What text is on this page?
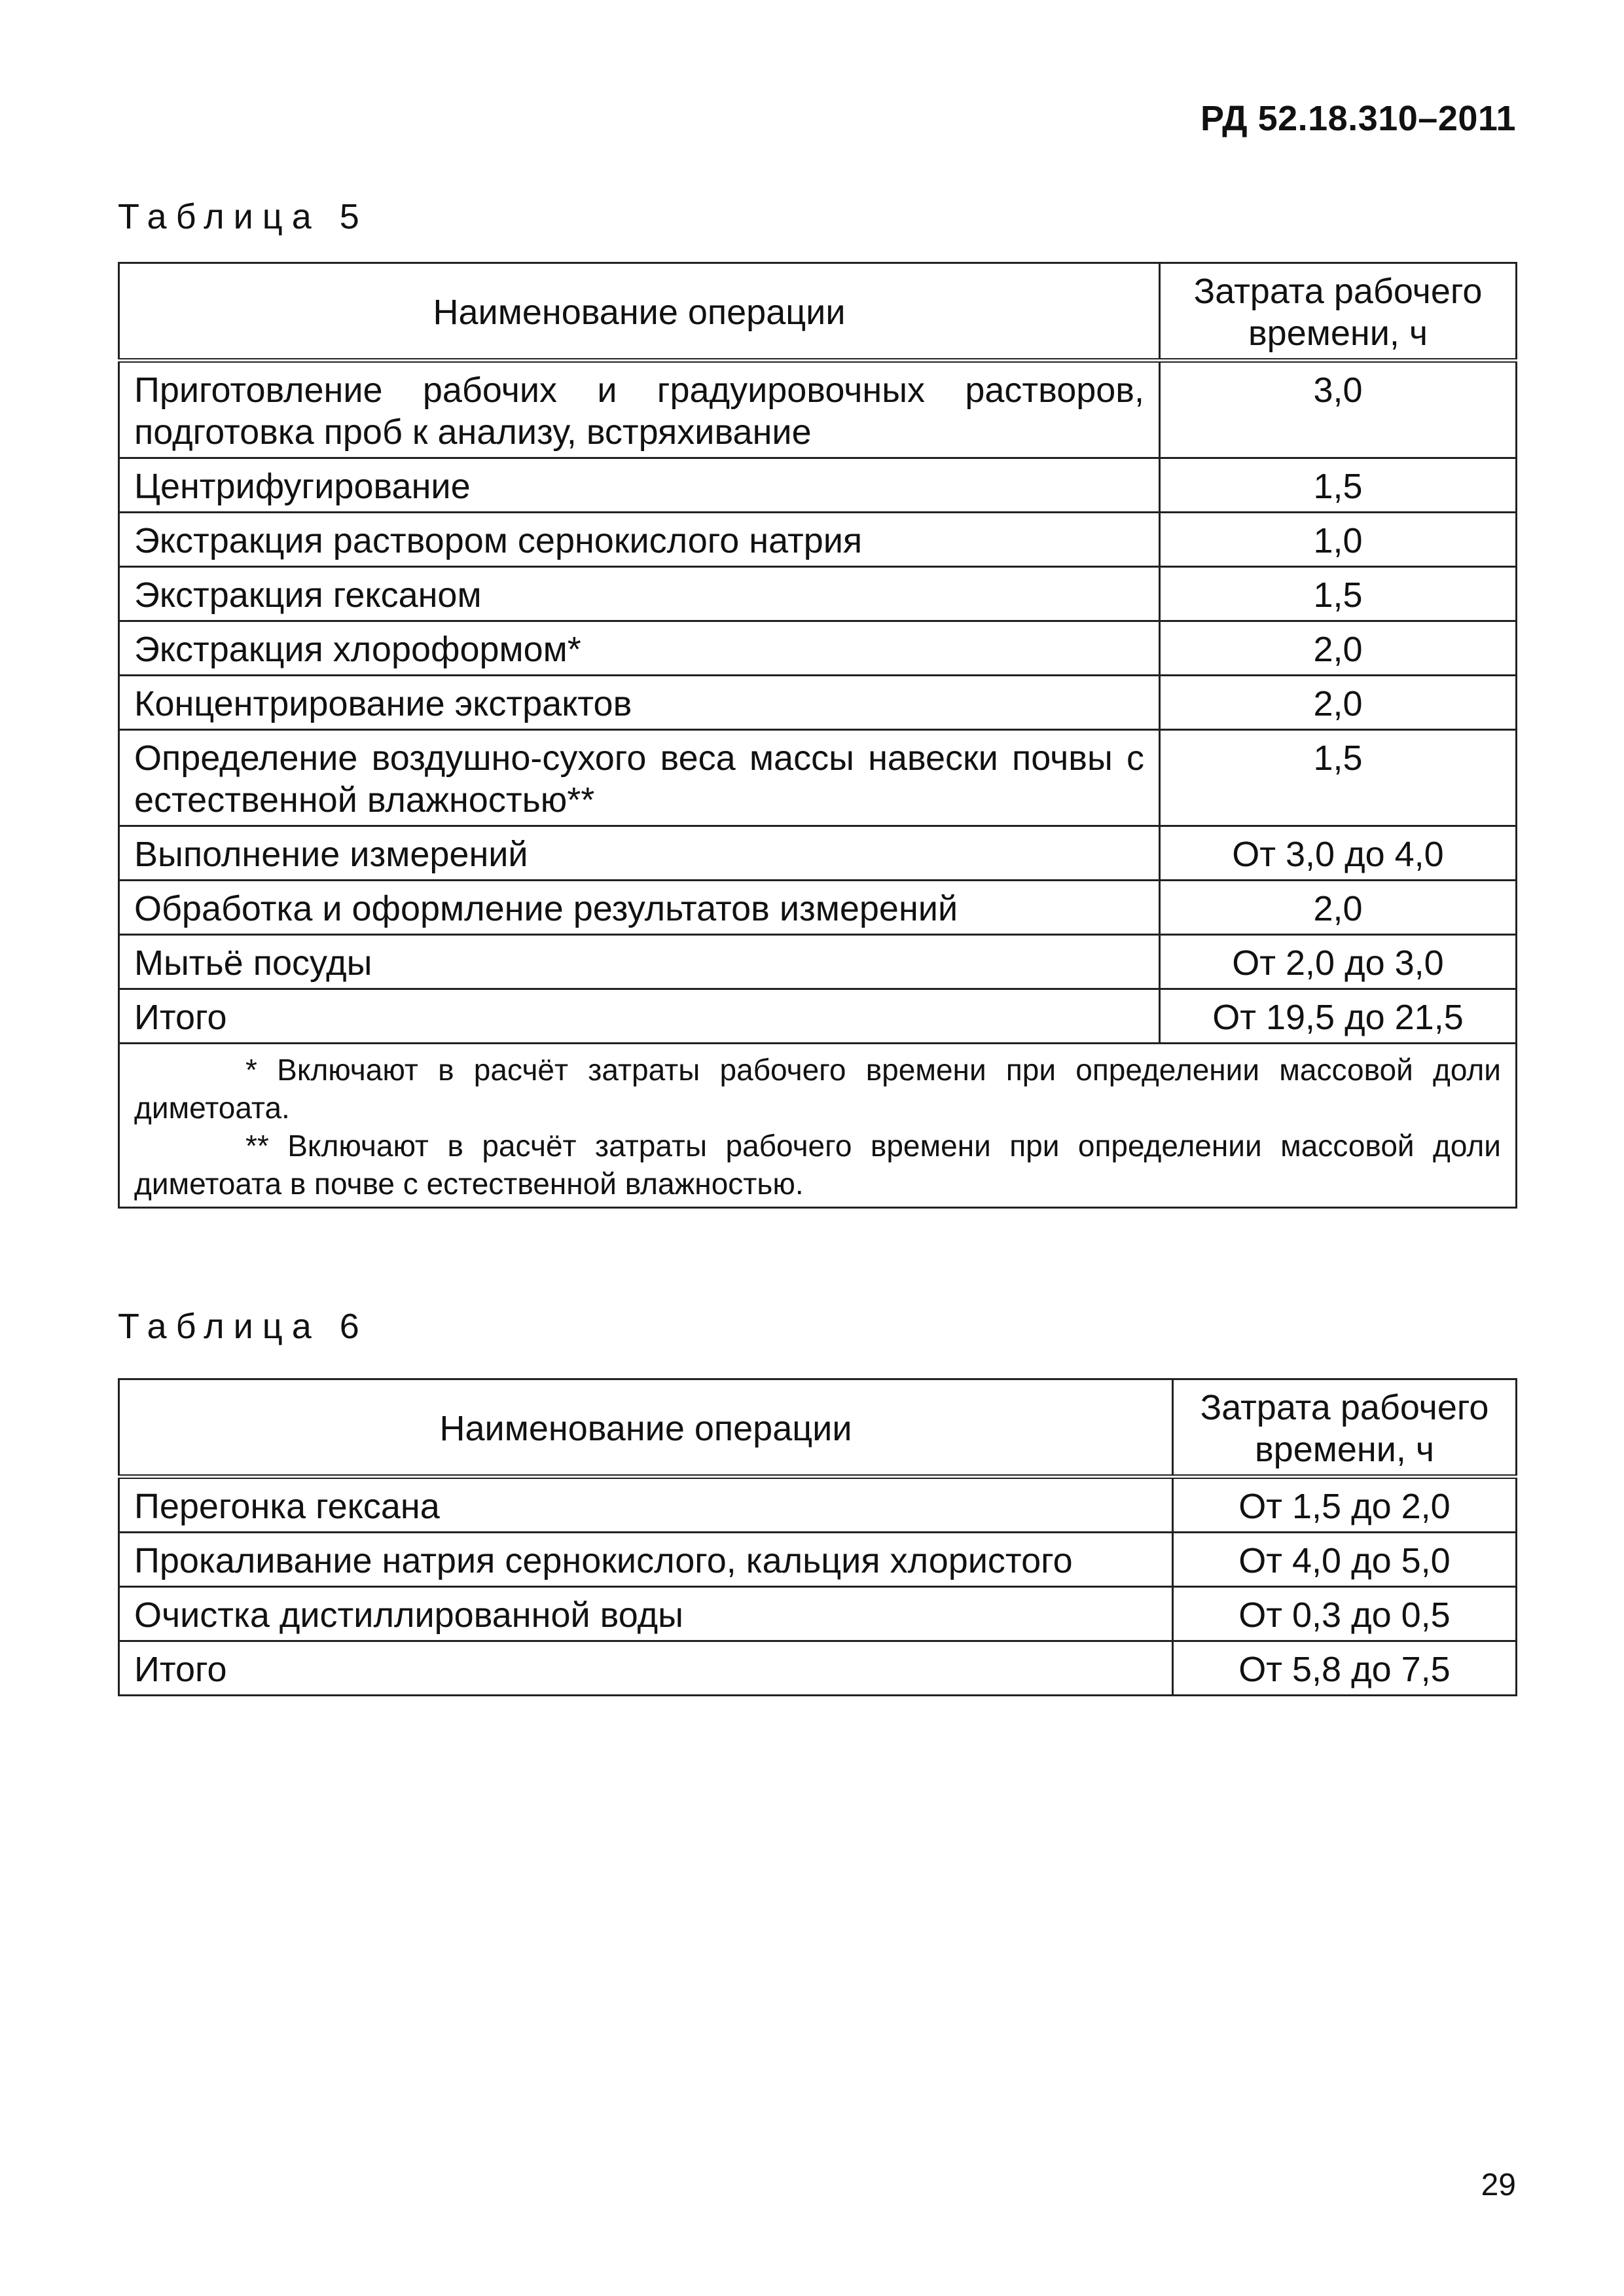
РД 52.18.310–2011
Таблица 5
Наименование операции	Затрата рабочего времени, ч
Приготовление рабочих и градуировочных растворов, подготовка проб к анализу, встряхивание	3,0
Центрифугирование	1,5
Экстракция раствором сернокислого натрия	1,0
Экстракция гексаном	1,5
Экстракция хлороформом*	2,0
Концентрирование экстрактов	2,0
Определение воздушно-сухого веса массы навески почвы с естественной влажностью**	1,5
Выполнение измерений	От 3,0 до 4,0
Обработка и оформление результатов измерений	2,0
Мытьё посуды	От 2,0 до 3,0
Итого	От 19,5 до 21,5

* Включают в расчёт затраты рабочего времени при определении массовой доли диметоата.
** Включают в расчёт затраты рабочего времени при определении массовой доли диметоата в почве с естественной влажностью.	
Таблица 6
Наименование операции	Затрата рабочего времени, ч
Перегонка гексана	От 1,5 до 2,0
Прокаливание натрия сернокислого, кальция хлористого	От 4,0 до 5,0
Очистка дистиллированной воды	От 0,3 до 0,5
Итого	От 5,8 до 7,5
29
